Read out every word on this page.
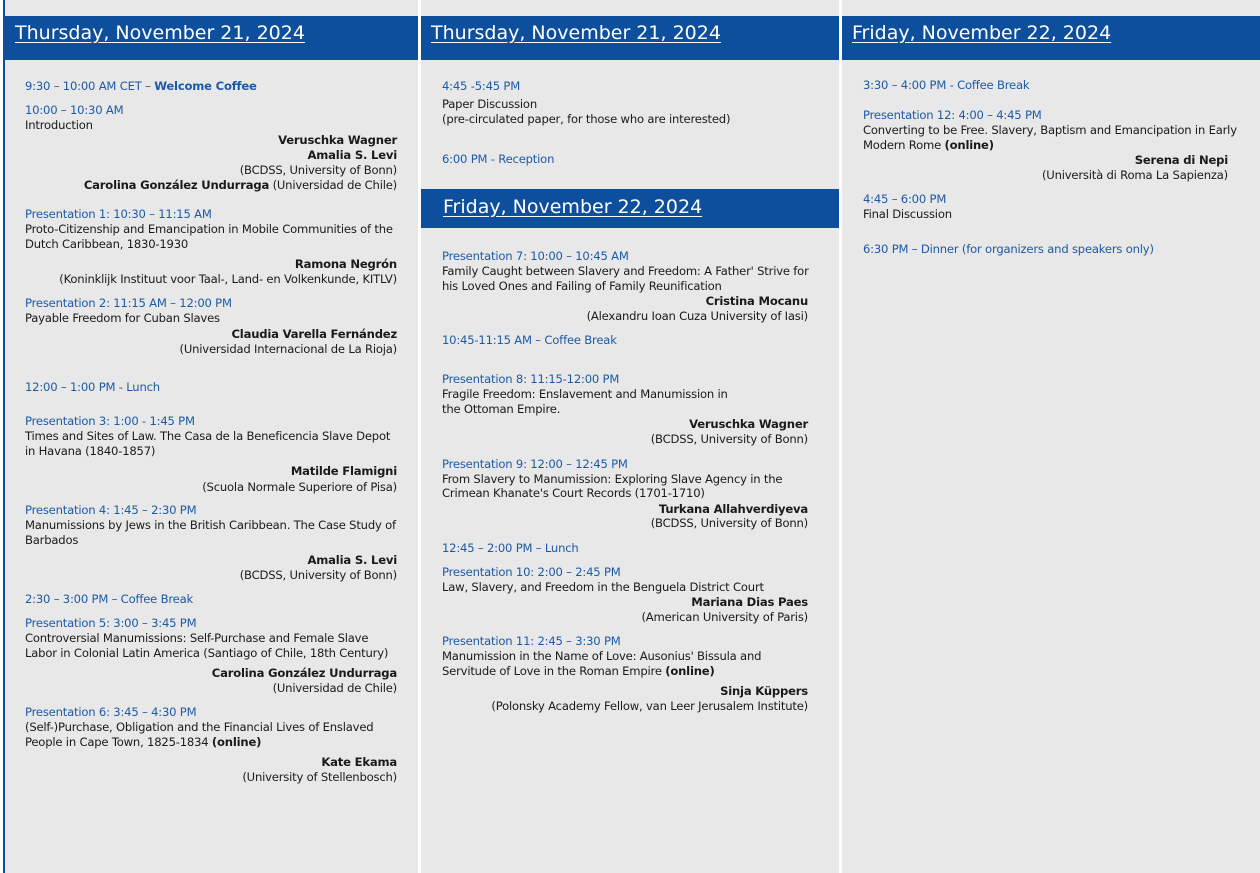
Thursday, November 21, 2024
9:30 – 10:00 AM CET – Welcome Coffee
10:00 – 10:30 AM
Introduction
Veruschka Wagner
Amalia S. Levi
(BCDSS, University of Bonn)
Carolina González Undurraga (Universidad de Chile)
Presentation 1: 10:30 – 11:15 AM
Proto-Citizenship and Emancipation in Mobile Communities of the
Dutch Caribbean, 1830-1930
Ramona Negrón
(Koninklijk Instituut voor Taal-, Land- en Volkenkunde, KITLV)
Presentation 2: 11:15 AM – 12:00 PM
Payable Freedom for Cuban Slaves
Claudia Varella Fernández
(Universidad Internacional de La Rioja)
12:00 – 1:00 PM - Lunch
Presentation 3: 1:00 - 1:45 PM
Times and Sites of Law. The Casa de la Beneficencia Slave Depot
in Havana (1840-1857)
Matilde Flamigni
(Scuola Normale Superiore of Pisa)
Presentation 4: 1:45 – 2:30 PM
Manumissions by Jews in the British Caribbean. The Case Study of
Barbados
Amalia S. Levi
(BCDSS, University of Bonn)
2:30 – 3:00 PM – Coffee Break
Presentation 5: 3:00 – 3:45 PM
Controversial Manumissions: Self-Purchase and Female Slave
Labor in Colonial Latin America (Santiago of Chile, 18th Century)
Carolina González Undurraga
(Universidad de Chile)
Presentation 6: 3:45 – 4:30 PM
(Self-)Purchase, Obligation and the Financial Lives of Enslaved
People in Cape Town, 1825-1834 (online)
Kate Ekama
(University of Stellenbosch)
Thursday, November 21, 2024
4:45 -5:45 PM
Paper Discussion
(pre-circulated paper, for those who are interested)
6:00 PM - Reception
Friday, November 22, 2024
Presentation 7: 10:00 – 10:45 AM
Family Caught between Slavery and Freedom: A Father' Strive for
his Loved Ones and Failing of Family Reunification
Cristina Mocanu
(Alexandru Ioan Cuza University of Iasi)
10:45-11:15 AM – Coffee Break
Presentation 8: 11:15-12:00 PM
Fragile Freedom: Enslavement and Manumission in
the Ottoman Empire.
Veruschka Wagner
(BCDSS, University of Bonn)
Presentation 9: 12:00 – 12:45 PM
From Slavery to Manumission: Exploring Slave Agency in the
Crimean Khanate's Court Records (1701-1710)
Turkana Allahverdiyeva
(BCDSS, University of Bonn)
12:45 – 2:00 PM – Lunch
Presentation 10: 2:00 – 2:45 PM
Law, Slavery, and Freedom in the Benguela District Court
Mariana Dias Paes
(American University of Paris)
Presentation 11: 2:45 – 3:30 PM
Manumission in the Name of Love: Ausonius' Bissula and
Servitude of Love in the Roman Empire (online)
Sinja Küppers
(Polonsky Academy Fellow, van Leer Jerusalem Institute)
Friday, November 22, 2024
3:30 – 4:00 PM - Coffee Break
Presentation 12: 4:00 – 4:45 PM
Converting to be Free. Slavery, Baptism and Emancipation in Early
Modern Rome (online)
Serena di Nepi
(Università di Roma La Sapienza)
4:45 – 6:00 PM
Final Discussion
6:30 PM – Dinner (for organizers and speakers only)
